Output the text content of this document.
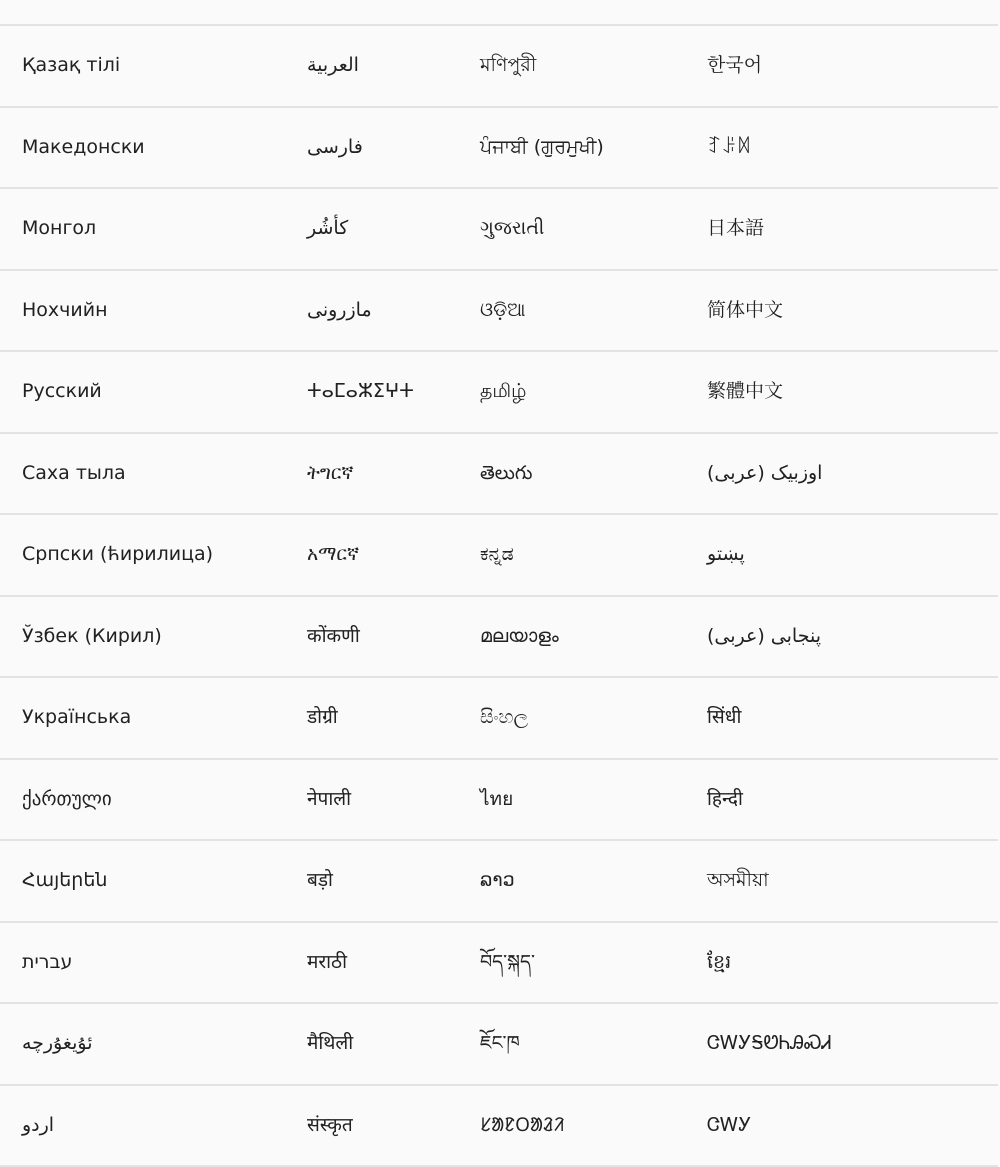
Қазақ тілі	العربية	মণিপুরী	한국어
Македонски	فارسی	ਪੰਜਾਬੀ (ਗੁਰਮੁਖੀ)	ꆈꌠꉙ
Монгол	کأشُر	ગુજરાતી	日本語
Нохчийн	مازرونی	ଓଡ଼ିଆ	简体中文
Русский	ⵜⴰⵎⴰⵣⵉⵖⵜ	தமிழ்	繁體中文
Саха тыла	ትግርኛ	తెలుగు	اوزبیک (عربی)
Српски (ћирилица)	አማርኛ	ಕನ್ನಡ	پښتو
Ўзбек (Кирил)	कोंकणी	മലയാളം	پنجابی (عربی)
Українська	डोग्री	සිංහල	सिंधी
ქართული	नेपाली	ไทย	हिन्दी
Հայերեն	बड़ो	ລາວ	অসমীয়া
עברית	मराठी	བོད་སྐད་	ខ្មែរ
ئۇيغۇرچە	मैथिली	ཇོང་ཁ	ᏣᎳᎩᎦᏬᏂᎯᏍᏗ
اردو	संस्कृत	ᱥᱟᱱᱛᱟᱲᱤ	ᏣᎳᎩ
